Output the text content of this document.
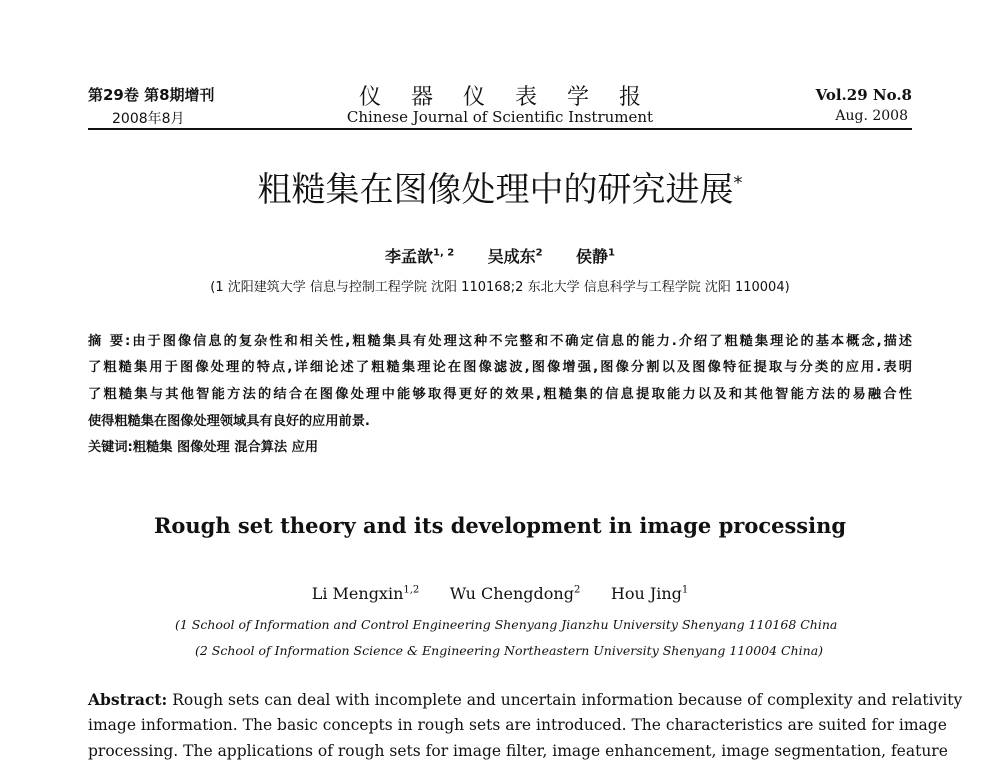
第29卷 第8期增刊
2008年8月
仪器仪表学报
Chinese Journal of Scientific Instrument
Vol.29 No.8
Aug. 2008
粗糙集在图像处理中的研究进展*
李孟歆$^{1, 2}$ 吴成东$^2$ 侯静$^1$
(1 沈阳建筑大学 信息与控制工程学院 沈阳 110168;2 东北大学 信息科学与工程学院 沈阳 110004)
摘 要:由于图像信息的复杂性和相关性,粗糙集具有处理这种不完整和不确定信息的能力.介绍了粗糙集理论的基本概念,描述
了粗糙集用于图像处理的特点,详细论述了粗糙集理论在图像滤波,图像增强,图像分割以及图像特征提取与分类的应用.表明
了粗糙集与其他智能方法的结合在图像处理中能够取得更好的效果,粗糙集的信息提取能力以及和其他智能方法的易融合性
使得粗糙集在图像处理领域具有良好的应用前景.
关键词:粗糙集 图像处理 混合算法 应用
Rough set theory and its development in image processing
Li Mengxin$^{1,2}$ Wu Chengdong$^2$ Hou Jing$^1$
(1 School of Information and Control Engineering Shenyang Jianzhu University Shenyang 110168 China
(2 School of Information Science & Engineering Northeastern University Shenyang 110004 China)
Abstract: Rough sets can deal with incomplete and uncertain information because of complexity and relativity
image information. The basic concepts in rough sets are introduced. The characteristics are suited for image
processing. The applications of rough sets for image filter, image enhancement, image segmentation, feature
